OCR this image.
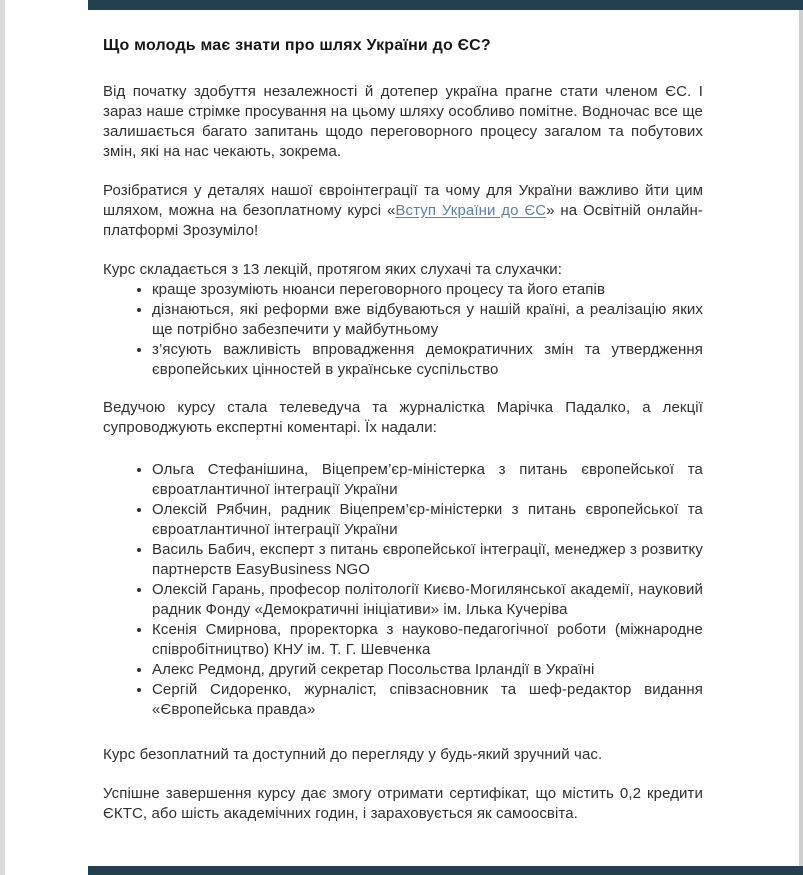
Що молодь має знати про шлях України до ЄС?

Від початку здобуття незалежності й дотепер україна прагне стати членом ЄС. І зараз наше стрімке просування на цьому шляху особливо помітне. Водночас все ще залишається багато запитань щодо переговорного процесу загалом та побутових змін, які на нас чекають, зокрема.

Розібратися у деталях нашої євроінтеграції та чому для України важливо йти цим шляхом, можна на безоплатному курсі «Вступ України до ЄС» на Освітній онлайн-платформі Зрозуміло!

Курс складається з 13 лекцій, протягом яких слухачі та слухачки:

• краще зрозуміють нюанси переговорного процесу та його етапів
• дізнаються, які реформи вже відбуваються у нашій країні, а реалізацію яких ще потрібно забезпечити у майбутньому
• з’ясують важливість впровадження демократичних змін та утвердження європейських цінностей в українське суспільство

Ведучою курсу стала телеведуча та журналістка Марічка Падалко, а лекції супроводжують експертні коментарі. Їх надали:

• Ольга Стефанішина, Віцепрем’єр-міністерка з питань європейської та євроатлантичної інтеграції України
• Олексій Рябчин, радник Віцепрем’єр-міністерки з питань європейської та євроатлантичної інтеграції України
• Василь Бабич, експерт з питань європейської інтеграції, менеджер з розвитку партнерств EasyBusiness NGO
• Олексій Гарань, професор політології Києво-Могилянської академії, науковий радник Фонду «Демократичні ініціативи» ім. Ілька Кучеріва
• Ксенія Смирнова, проректорка з науково-педагогічної роботи (міжнародне співробітництво) КНУ ім. Т. Г. Шевченка
• Алекс Редмонд, другий секретар Посольства Ірландії в Україні
• Сергій Сидоренко, журналіст, співзасновник та шеф-редактор видання «Європейська правда»

Курс безоплатний та доступний до перегляду у будь-який зручний час.

Успішне завершення курсу дає змогу отримати сертифікат, що містить 0,2 кредити ЄКТС, або шість академічних годин, і зараховується як самоосвіта.
